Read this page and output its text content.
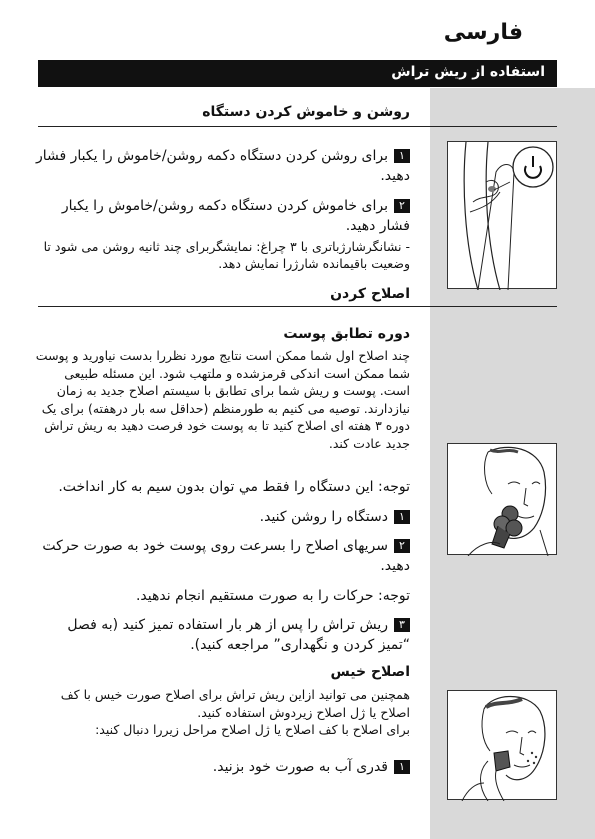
فارسی
استفاده از ریش تراش
روشن و خاموش کردن دستگاه
۱برای روشن کردن دستگاه دکمه روشن/خاموش را یکبار فشار دهید.
۲برای خاموش کردن دستگاه دکمه روشن/خاموش را یکبار فشار دهید.
- نشانگرشارژباتری با ۳ چراغ: نمایشگربرای چند ثانیه روشن می شود تا وضعیت باقیمانده شارژرا نمایش دهد.
اصلاح کردن
دوره تطابق پوست
چند اصلاح اول شما ممکن است نتایج مورد نظررا بدست نیاورید و پوست شما ممکن است اندکی قرمزشده و ملتهب شود. این مسئله طبیعی است. پوست و ریش شما برای تطابق با سیستم اصلاح جدید به زمان نیازدارند. توصیه می کنیم به طورمنظم (حداقل سه بار درهفته) برای یک دوره ۳ هفته ای اصلاح کنید تا به پوست خود فرصت دهید به ریش تراش جدید عادت کند.
توجه: این دستگاه را فقط مي توان بدون سيم به كار انداخت.
۱دستگاه را روشن کنید.
۲سریهای اصلاح را بسرعت روی پوست خود به صورت حرکت دهید.
توجه: حرکات را به صورت مستقیم انجام ندهید.
۳ریش تراش را پس از هر بار استفاده تمیز کنید (به فصل “تمیز کردن و نگهداری” مراجعه کنید).
اصلاح خیس
همچنین می توانید ازاین ریش تراش برای اصلاح صورت خیس با کف اصلاح یا ژل اصلاح زیردوش استفاده کنید.
برای اصلاح با کف اصلاح یا ژل اصلاح مراحل زیررا دنبال کنید:
۱قدری آب به صورت خود بزنید.
